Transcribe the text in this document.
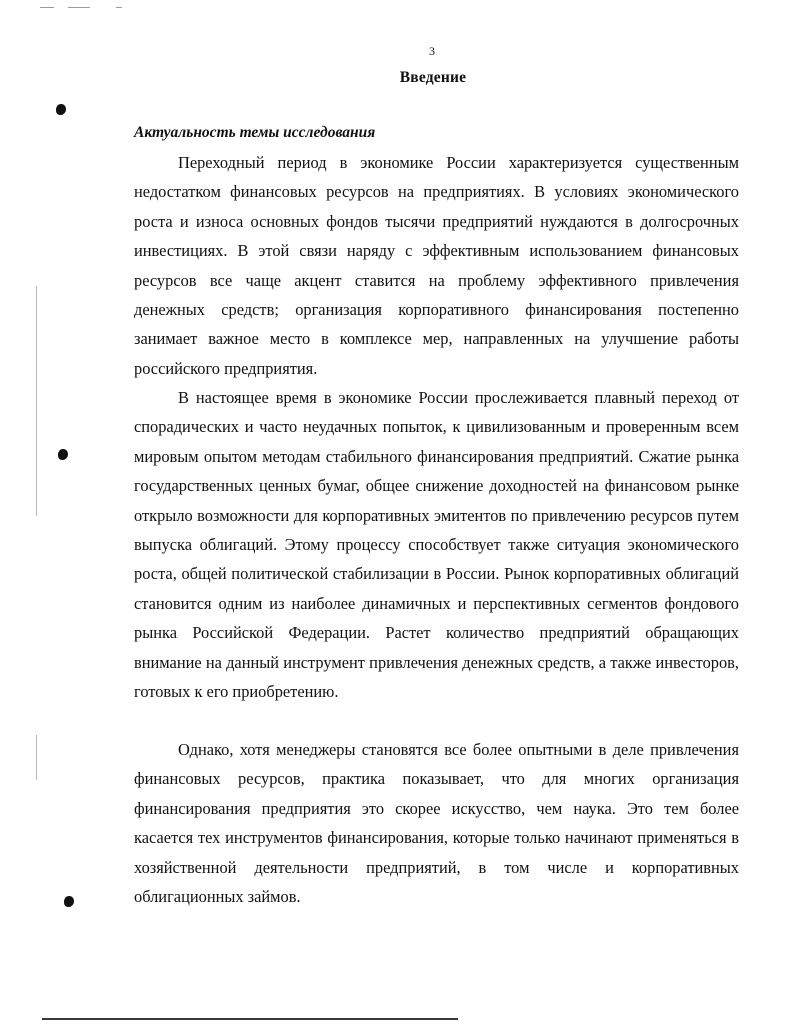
3
Введение
Актуальность темы исследования

Переходный период в экономике России характеризуется существенным недостатком финансовых ресурсов на предприятиях. В условиях экономического роста и износа основных фондов тысячи предприятий нуждаются в долгосрочных инвестициях. В этой связи наряду с эффективным использованием финансовых ресурсов все чаще акцент ставится на проблему эффективного привлечения денежных средств; организация корпоративного финансирования постепенно занимает важное место в комплексе мер, направленных на улучшение работы российского предприятия.

В настоящее время в экономике России прослеживается плавный переход от спорадических и часто неудачных попыток, к цивилизованным и проверенным всем мировым опытом методам стабильного финансирования предприятий. Сжатие рынка государственных ценных бумаг, общее снижение доходностей на финансовом рынке открыло возможности для корпоративных эмитентов по привлечению ресурсов путем выпуска облигаций. Этому процессу способствует также ситуация экономического роста, общей политической стабилизации в России. Рынок корпоративных облигаций становится одним из наиболее динамичных и перспективных сегментов фондового рынка Российской Федерации. Растет количество предприятий обращающих внимание на данный инструмент привлечения денежных средств, а также инвесторов, готовых к его приобретению.

Однако, хотя менеджеры становятся все более опытными в деле привлечения финансовых ресурсов, практика показывает, что для многих организация финансирования предприятия это скорее искусство, чем наука. Это тем более касается тех инструментов финансирования, которые только начинают применяться в хозяйственной деятельности предприятий, в том числе и корпоративных облигационных займов.
